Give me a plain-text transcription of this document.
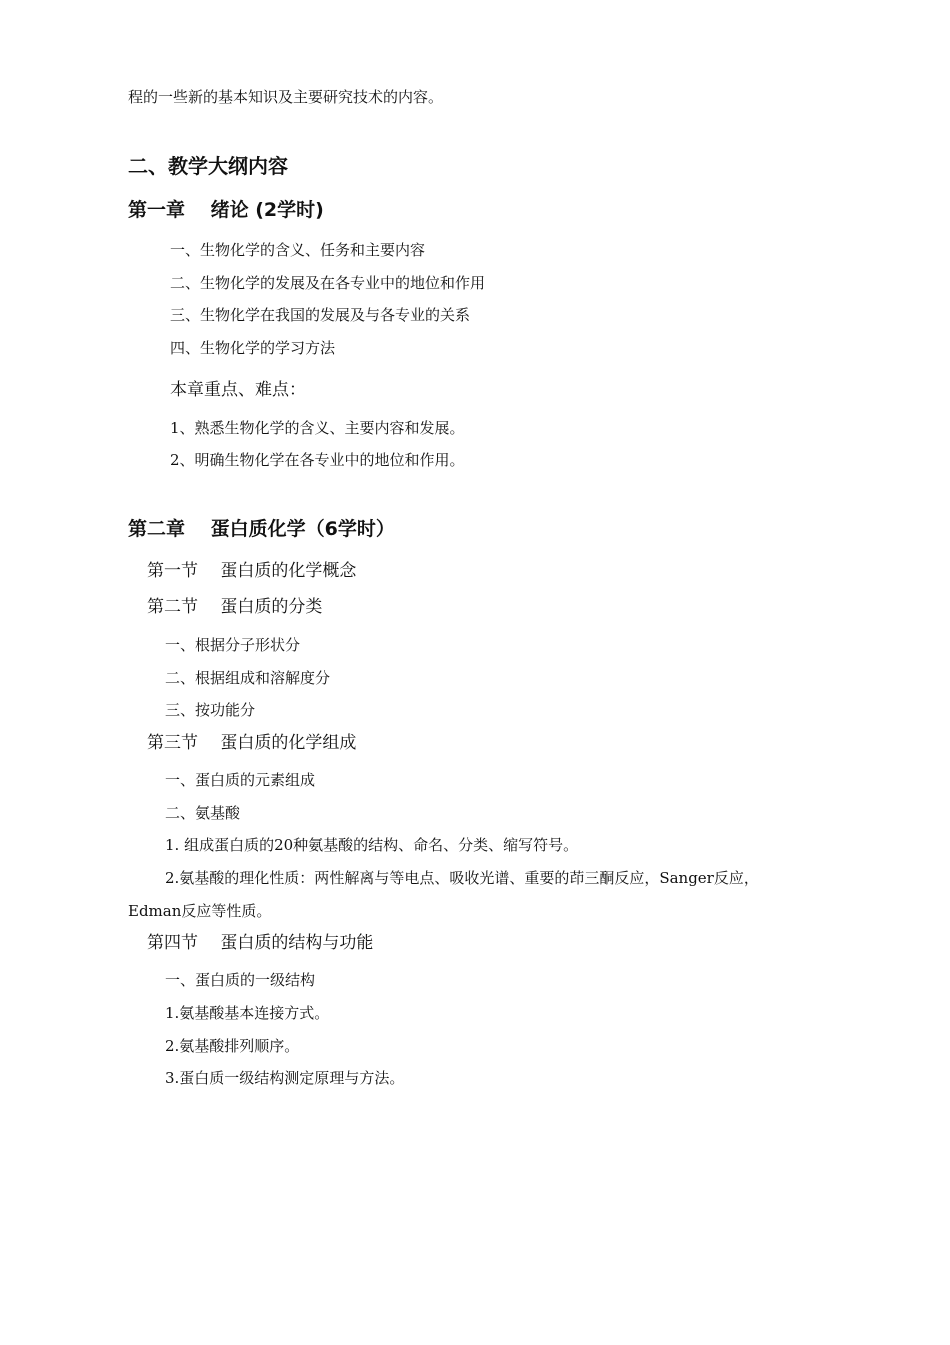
程的一些新的基本知识及主要研究技术的内容。
二、教学大纲内容
第一章　 绪论 (2学时)
一、生物化学的含义、任务和主要内容
二、生物化学的发展及在各专业中的地位和作用
三、生物化学在我国的发展及与各专业的关系
四、生物化学的学习方法
本章重点、难点：
1、熟悉生物化学的含义、主要内容和发展。
2、明确生物化学在各专业中的地位和作用。
第二章　 蛋白质化学（6学时）
第一节　 蛋白质的化学概念
第二节　 蛋白质的分类
一、根据分子形状分
二、根据组成和溶解度分
三、按功能分
第三节　 蛋白质的化学组成
一、蛋白质的元素组成
二、氨基酸
1. 组成蛋白质的20种氨基酸的结构、命名、分类、缩写符号。
2.氨基酸的理化性质：两性解离与等电点、吸收光谱、重要的茚三酮反应，Sanger反应，
Edman反应等性质。
第四节　 蛋白质的结构与功能
一、蛋白质的一级结构
1.氨基酸基本连接方式。
2.氨基酸排列顺序。
3.蛋白质一级结构测定原理与方法。
